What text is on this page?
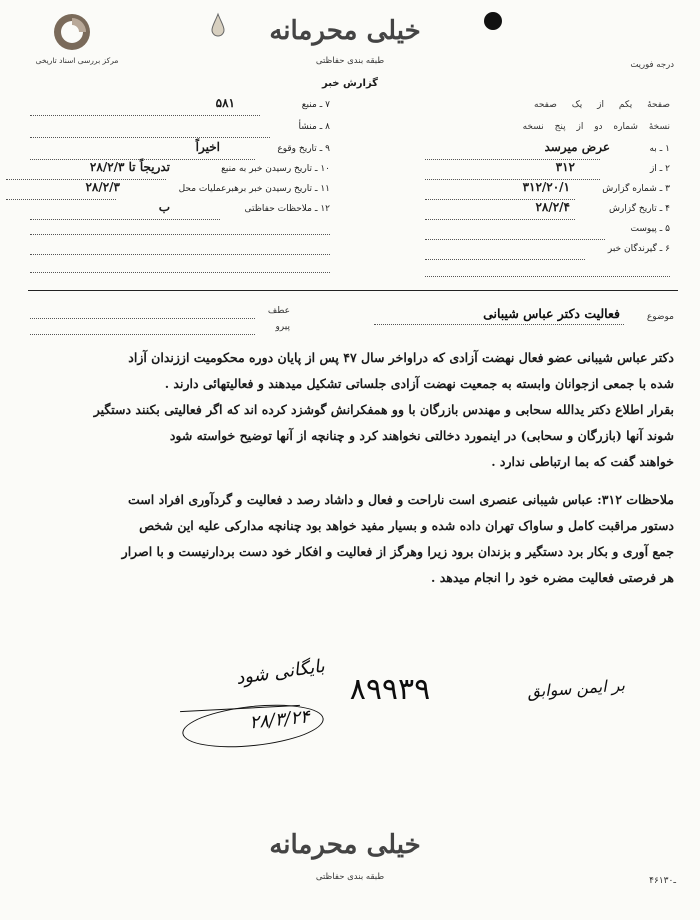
مرکز بررسی اسناد تاریخی
خیلی محرمانه
طبقه بندی حفاظتی
گزارش خبر
درجه فوریت
صفحهٔ یکم از یک صفحه
نسخهٔ شماره دو از پنج نسخه
۱ ـ به
عرض میرسد
۲ ـ از
۳۱۲
۳ ـ شماره گزارش
۳۱۲/۲۰/۱
۴ ـ تاریخ گزارش
۲۸/۲/۴
۵ ـ پیوست
۶ ـ گیرندگان خبر
۷ ـ منبع
۵۸۱
۸ ـ منشأ
۹ ـ تاریخ وقوع
اخیراً
۱۰ ـ تاریخ رسیدن خبر به منبع
تدریجاً تا ۲۸/۲/۳
۱۱ ـ تاریخ رسیدن خبر برهبرعملیات محل
۲۸/۲/۳
۱۲ ـ ملاحظات حفاظتی
ب
موضوع
فعالیت دکتر عباس شیبانی
عطف
پیرو
دکتر عباس شیبانی عضو فعال نهضت آزادی که دراواخر سال ۴۷ پس از پایان دوره محکومیت اززندان آزاد
شده با جمعی ازجوانان وابسته به جمعیت نهضت آزادی جلساتی تشکیل میدهند و فعالیتهائی دارند .
بقرار اطلاع دکتر یدالله سحابی و مهندس بازرگان با وو همفکرانش گوشزد کرده اند که اگر فعالیتی بکنند دستگیر
شوند آنها (بازرگان و سحابی) در اینمورد دخالتی نخواهند کرد و چنانچه از آنها توضیح خواسته شود
خواهند گفت که بما ارتباطی ندارد .
ملاحظات ۳۱۲: عباس شیبانی عنصری است ناراحت و فعال و داشاد رصد د فعالیت و گردآوری افراد است
دستور مراقبت کامل و ساواک تهران داده شده و بسیار مفید خواهد بود چنانچه مدارکی علیه این شخص
جمع آوری و بکار برد دستگیر و بزندان برود زیرا وهرگز از فعالیت و افکار خود دست بردارنیست و با اصرار
هر فرصتی فعالیت مضره خود را انجام میدهد .
بایگانی شود
۲۸/۳/۲۴
۸۹۹۳۹	بر ایمن سوابق
خیلی محرمانه
طبقه بندی حفاظتی	۴۶ـ۱۳۰
